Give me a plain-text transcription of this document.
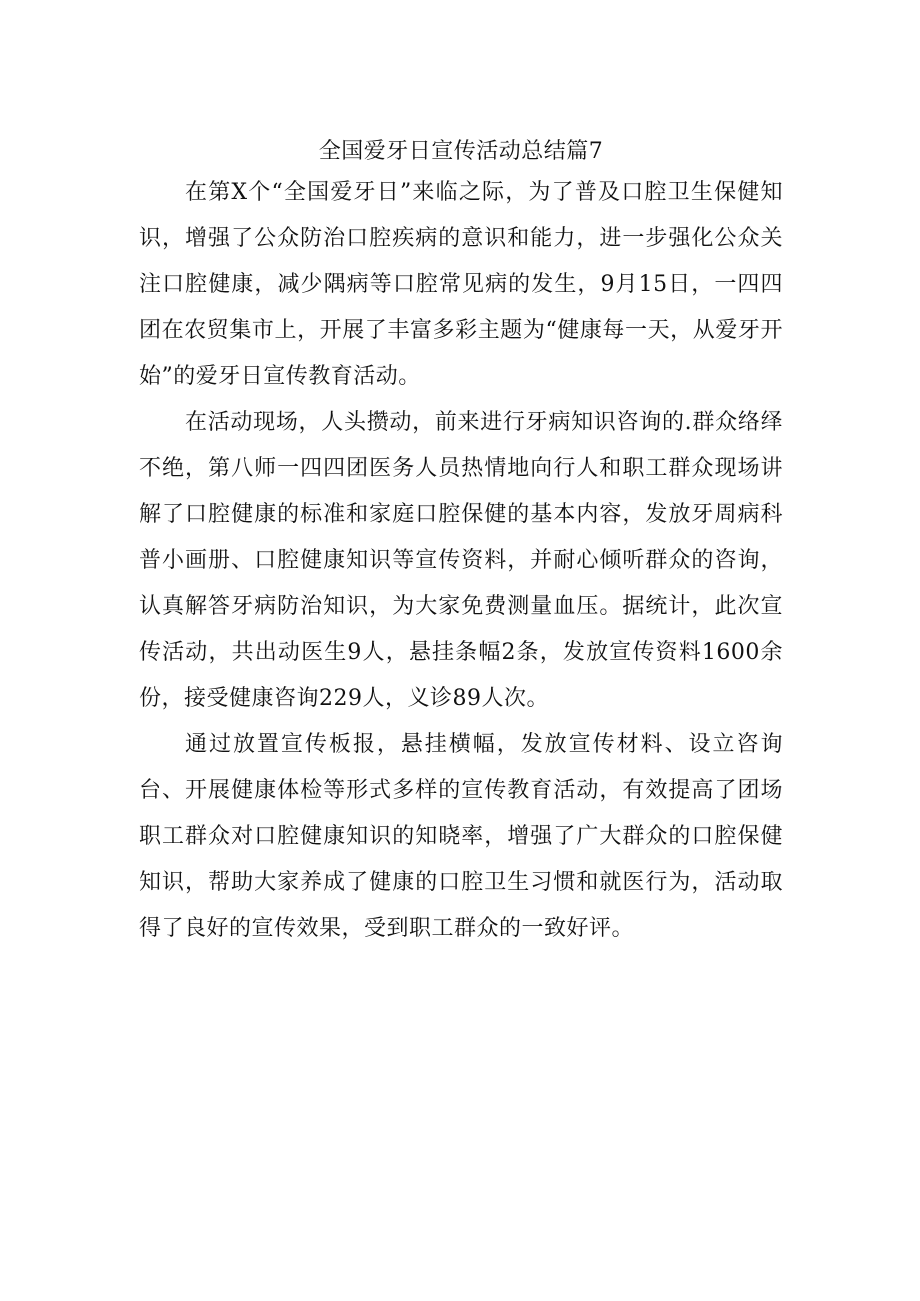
全国爱牙日宣传活动总结篇7

在第X个“全国爱牙日”来临之际，为了普及口腔卫生保健知识，增强了公众防治口腔疾病的意识和能力，进一步强化公众关注口腔健康，减少隅病等口腔常见病的发生，9月15日，一四四团在农贸集市上，开展了丰富多彩主题为“健康每一天，从爱牙开始”的爱牙日宣传教育活动。

在活动现场，人头攒动，前来进行牙病知识咨询的.群众络绎不绝，第八师一四四团医务人员热情地向行人和职工群众现场讲解了口腔健康的标准和家庭口腔保健的基本内容，发放牙周病科普小画册、口腔健康知识等宣传资料，并耐心倾听群众的咨询，认真解答牙病防治知识，为大家免费测量血压。据统计，此次宣传活动，共出动医生9人，悬挂条幅2条，发放宣传资料1600余份，接受健康咨询229人，义诊89人次。

通过放置宣传板报，悬挂横幅，发放宣传材料、设立咨询台、开展健康体检等形式多样的宣传教育活动，有效提高了团场职工群众对口腔健康知识的知晓率，增强了广大群众的口腔保健知识，帮助大家养成了健康的口腔卫生习惯和就医行为，活动取得了良好的宣传效果，受到职工群众的一致好评。
